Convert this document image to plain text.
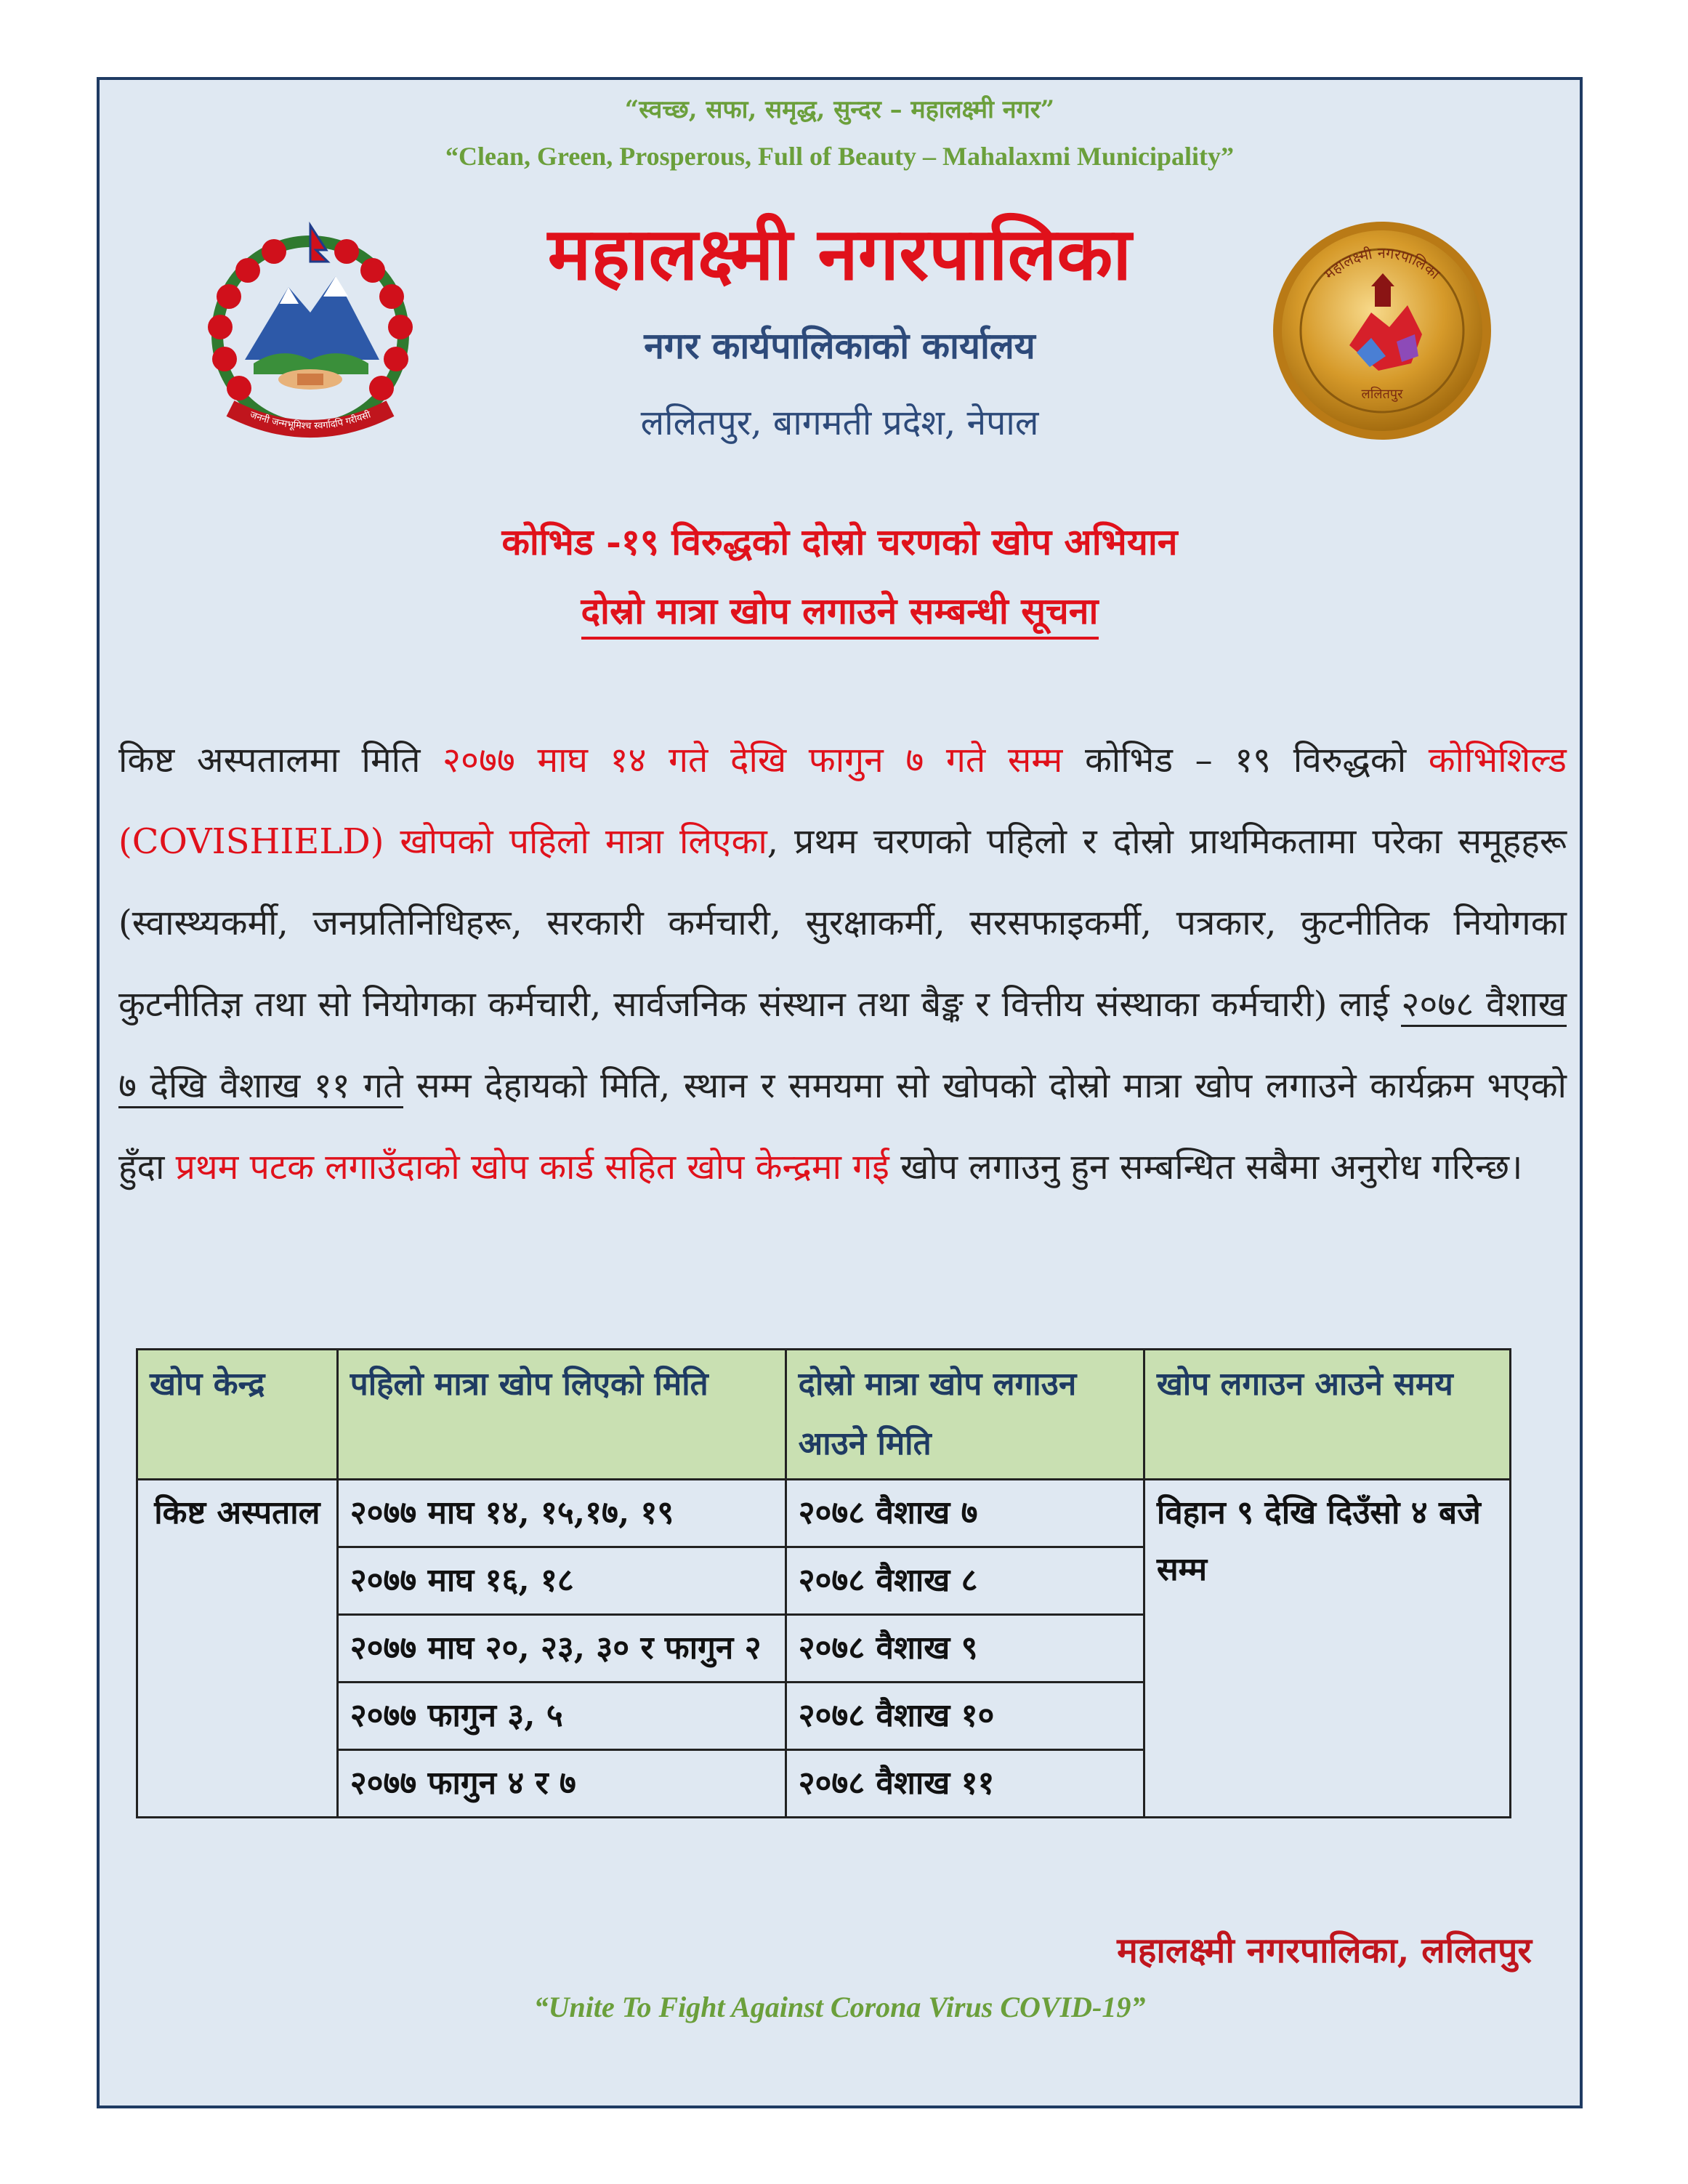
“स्वच्छ, सफा, समृद्ध, सुन्दर – महालक्ष्मी नगर”
“Clean, Green, Prosperous, Full of Beauty – Mahalaxmi Municipality”
जननी जन्मभूमिश्च स्वर्गादपि गरीयसी
महालक्ष्मी नगरपालिका
नगर कार्यपालिकाको कार्यालय
ललितपुर, बागमती प्रदेश, नेपाल
महालक्ष्मी नगरपालिका
ललितपुर
कोभिड -१९ विरुद्धको दोस्रो चरणको खोप अभियान
दोस्रो मात्रा खोप लगाउने सम्बन्धी सूचना
किष्ट अस्पतालमा मिति २०७७ माघ १४ गते देखि फागुन ७ गते सम्म कोभिड – १९ विरुद्धको कोभिशिल्ड (COVISHIELD) खोपको पहिलो मात्रा लिएका, प्रथम चरणको पहिलो र दोस्रो प्राथमिकतामा परेका समूहहरू (स्वास्थ्यकर्मी, जनप्रतिनिधिहरू, सरकारी कर्मचारी, सुरक्षाकर्मी, सरसफाइकर्मी, पत्रकार, कुटनीतिक नियोगका कुटनीतिज्ञ तथा सो नियोगका कर्मचारी, सार्वजनिक संस्थान तथा बैङ्क र वित्तीय संस्थाका कर्मचारी) लाई २०७८ वैशाख ७ देखि वैशाख ११ गते सम्म देहायको मिति, स्थान र समयमा सो खोपको दोस्रो मात्रा खोप लगाउने कार्यक्रम भएको हुँदा प्रथम पटक लगाउँदाको खोप कार्ड सहित खोप केन्द्रमा गई खोप लगाउनु हुन सम्बन्धित सबैमा अनुरोध गरिन्छ।
खोप केन्द्र	पहिलो मात्रा खोप लिएको मिति	दोस्रो मात्रा खोप लगाउन आउने मिति	खोप लगाउन आउने समय
किष्ट अस्पताल	२०७७ माघ १४, १५,१७, १९	२०७८ वैशाख ७	विहान ९ देखि दिउँसो ४ बजे सम्म
	२०७७ माघ १६, १८	२०७८ वैशाख ८	
	२०७७ माघ २०, २३, ३० र फागुन २	२०७८ वैशाख ९	
	२०७७ फागुन ३, ५	२०७८ वैशाख १०	
	२०७७ फागुन ४ र ७	२०७८ वैशाख ११	
महालक्ष्मी नगरपालिका, ललितपुर
“Unite To Fight Against Corona Virus COVID-19”
